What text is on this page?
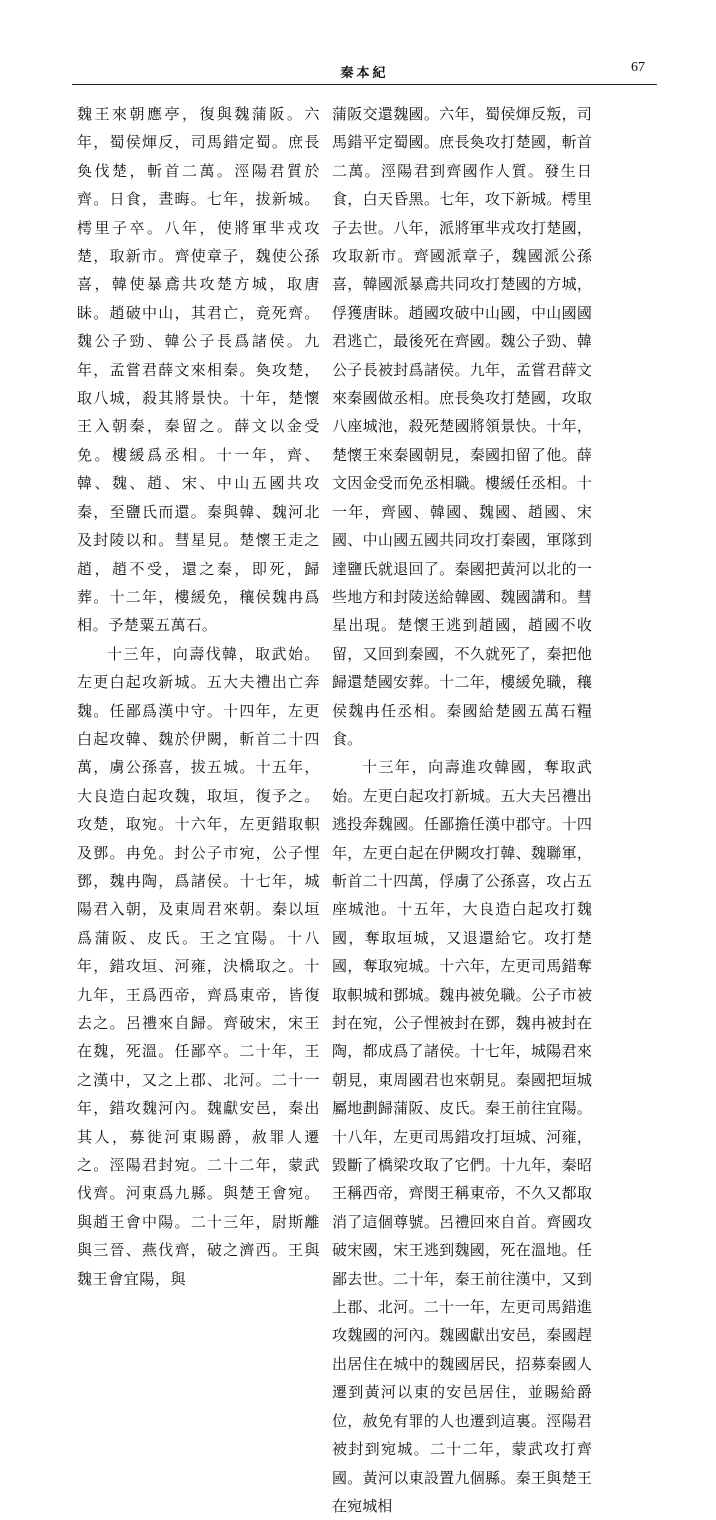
秦本紀	67

魏王來朝應亭，復與魏蒲阪。六年，蜀侯煇反，司馬錯定蜀。庶長奐伐楚，斬首二萬。涇陽君質於齊。日食，晝晦。七年，拔新城。樗里子卒。八年，使將軍芈戎攻楚，取新市。齊使章子，魏使公孫喜，韓使暴鳶共攻楚方城，取唐眛。趙破中山，其君亡，竟死齊。魏公子勁、韓公子長爲諸侯。九年，孟嘗君薛文來相秦。奐攻楚，取八城，殺其將景快。十年，楚懷王入朝秦，秦留之。薛文以金受免。樓緩爲丞相。十一年，齊、韓、魏、趙、宋、中山五國共攻秦，至鹽氏而還。秦與韓、魏河北及封陵以和。彗星見。楚懷王走之趙，趙不受，還之秦，即死，歸葬。十二年，樓緩免，穰侯魏冉爲相。予楚粟五萬石。

十三年，向壽伐韓，取武始。左更白起攻新城。五大夫禮出亡奔魏。任鄙爲漢中守。十四年，左更白起攻韓、魏於伊闕，斬首二十四萬，虜公孫喜，拔五城。十五年，大良造白起攻魏，取垣，復予之。攻楚，取宛。十六年，左更錯取軹及鄧。冉免。封公子市宛，公子悝鄧，魏冉陶，爲諸侯。十七年，城陽君入朝，及東周君來朝。秦以垣爲蒲阪、皮氏。王之宜陽。十八年，錯攻垣、河雍，決橋取之。十九年，王爲西帝，齊爲東帝，皆復去之。呂禮來自歸。齊破宋，宋王在魏，死溫。任鄙卒。二十年，王之漢中，又之上郡、北河。二十一年，錯攻魏河內。魏獻安邑，秦出其人，募徙河東賜爵，赦罪人遷之。涇陽君封宛。二十二年，蒙武伐齊。河東爲九縣。與楚王會宛。與趙王會中陽。二十三年，尉斯離與三晉、燕伐齊，破之濟西。王與魏王會宜陽，與

蒲阪交還魏國。六年，蜀侯煇反叛，司馬錯平定蜀國。庶長奐攻打楚國，斬首二萬。涇陽君到齊國作人質。發生日食，白天昏黑。七年，攻下新城。樗里子去世。八年，派將軍芈戎攻打楚國，攻取新市。齊國派章子，魏國派公孫喜，韓國派暴鳶共同攻打楚國的方城，俘獲唐眛。趙國攻破中山國，中山國國君逃亡，最後死在齊國。魏公子勁、韓公子長被封爲諸侯。九年，孟嘗君薛文來秦國做丞相。庶長奐攻打楚國，攻取八座城池，殺死楚國將領景快。十年，楚懷王來秦國朝見，秦國扣留了他。薛文因金受而免丞相職。樓緩任丞相。十一年，齊國、韓國、魏國、趙國、宋國、中山國五國共同攻打秦國，軍隊到達鹽氏就退回了。秦國把黃河以北的一些地方和封陵送給韓國、魏國講和。彗星出現。楚懷王逃到趙國，趙國不收留，又回到秦國，不久就死了，秦把他歸還楚國安葬。十二年，樓緩免職，穰侯魏冉任丞相。秦國給楚國五萬石糧食。

十三年，向壽進攻韓國，奪取武始。左更白起攻打新城。五大夫呂禮出逃投奔魏國。任鄙擔任漢中郡守。十四年，左更白起在伊闕攻打韓、魏聯軍，斬首二十四萬，俘虜了公孫喜，攻占五座城池。十五年，大良造白起攻打魏國，奪取垣城，又退還給它。攻打楚國，奪取宛城。十六年，左更司馬錯奪取軹城和鄧城。魏冉被免職。公子市被封在宛，公子悝被封在鄧，魏冉被封在陶，都成爲了諸侯。十七年，城陽君來朝見，東周國君也來朝見。秦國把垣城屬地劃歸蒲阪、皮氏。秦王前往宜陽。十八年，左更司馬錯攻打垣城、河雍，毀斷了橋梁攻取了它們。十九年，秦昭王稱西帝，齊閔王稱東帝，不久又都取消了這個尊號。呂禮回來自首。齊國攻破宋國，宋王逃到魏國，死在溫地。任鄙去世。二十年，秦王前往漢中，又到上郡、北河。二十一年，左更司馬錯進攻魏國的河內。魏國獻出安邑，秦國趕出居住在城中的魏國居民，招募秦國人遷到黃河以東的安邑居住，並賜給爵位，赦免有罪的人也遷到這裏。涇陽君被封到宛城。二十二年，蒙武攻打齊國。黃河以東設置九個縣。秦王與楚王在宛城相
